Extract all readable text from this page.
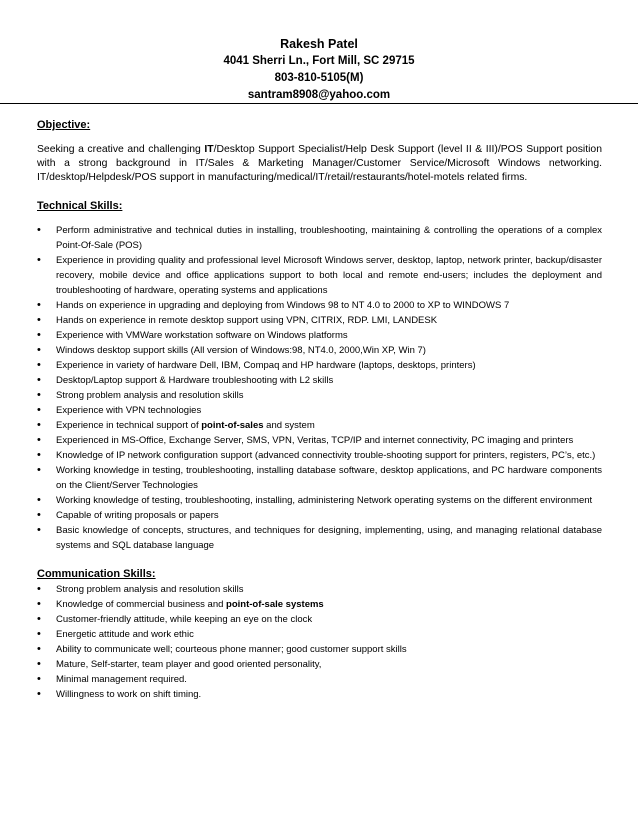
Rakesh Patel
4041 Sherri Ln., Fort Mill, SC 29715
803-810-5105(M)
santram8908@yahoo.com
Objective:
Seeking a creative and challenging IT/Desktop Support Specialist/Help Desk Support (level II & III)/POS Support position with a strong background in IT/Sales & Marketing Manager/Customer Service/Microsoft Windows networking. IT/desktop/Helpdesk/POS support in manufacturing/medical/IT/retail/restaurants/hotel-motels related firms.
Technical Skills:
• Perform administrative and technical duties in installing, troubleshooting, maintaining & controlling the operations of a complex Point-Of-Sale (POS)
• Experience in providing quality and professional level Microsoft Windows server, desktop, laptop, network printer, backup/disaster recovery, mobile device and office applications support to both local and remote end-users; includes the deployment and troubleshooting of hardware, operating systems and applications
• Hands on experience in upgrading and deploying from Windows 98 to NT 4.0 to 2000 to XP to WINDOWS 7
• Hands on experience in remote desktop support using VPN, CITRIX, RDP. LMI, LANDESK
• Experience with VMWare workstation software on Windows platforms
• Windows desktop support skills (All version of Windows:98, NT4.0, 2000,Win XP, Win 7)
• Experience in variety of hardware Dell, IBM, Compaq and HP hardware (laptops, desktops, printers)
• Desktop/Laptop support & Hardware troubleshooting with L2 skills
• Strong problem analysis and resolution skills
• Experience with VPN technologies
• Experience in technical support of point-of-sales and system
• Experienced in MS-Office, Exchange Server, SMS, VPN, Veritas, TCP/IP and internet connectivity, PC imaging and printers
• Knowledge of IP network configuration support (advanced connectivity trouble-shooting support for printers, registers, PC’s, etc.)
• Working knowledge in testing, troubleshooting, installing database software, desktop applications, and PC hardware components on the Client/Server Technologies
• Working knowledge of testing, troubleshooting, installing, administering Network operating systems on the different environment
• Capable of writing proposals or papers
• Basic knowledge of concepts, structures, and techniques for designing, implementing, using, and managing relational database systems and SQL database language
Communication Skills:
• Strong problem analysis and resolution skills
• Knowledge of commercial business and point-of-sale systems
• Customer-friendly attitude, while keeping an eye on the clock
• Energetic attitude and work ethic
• Ability to communicate well; courteous phone manner; good customer support skills
• Mature, Self-starter, team player and good oriented personality,
• Minimal management required.
• Willingness to work on shift timing.
